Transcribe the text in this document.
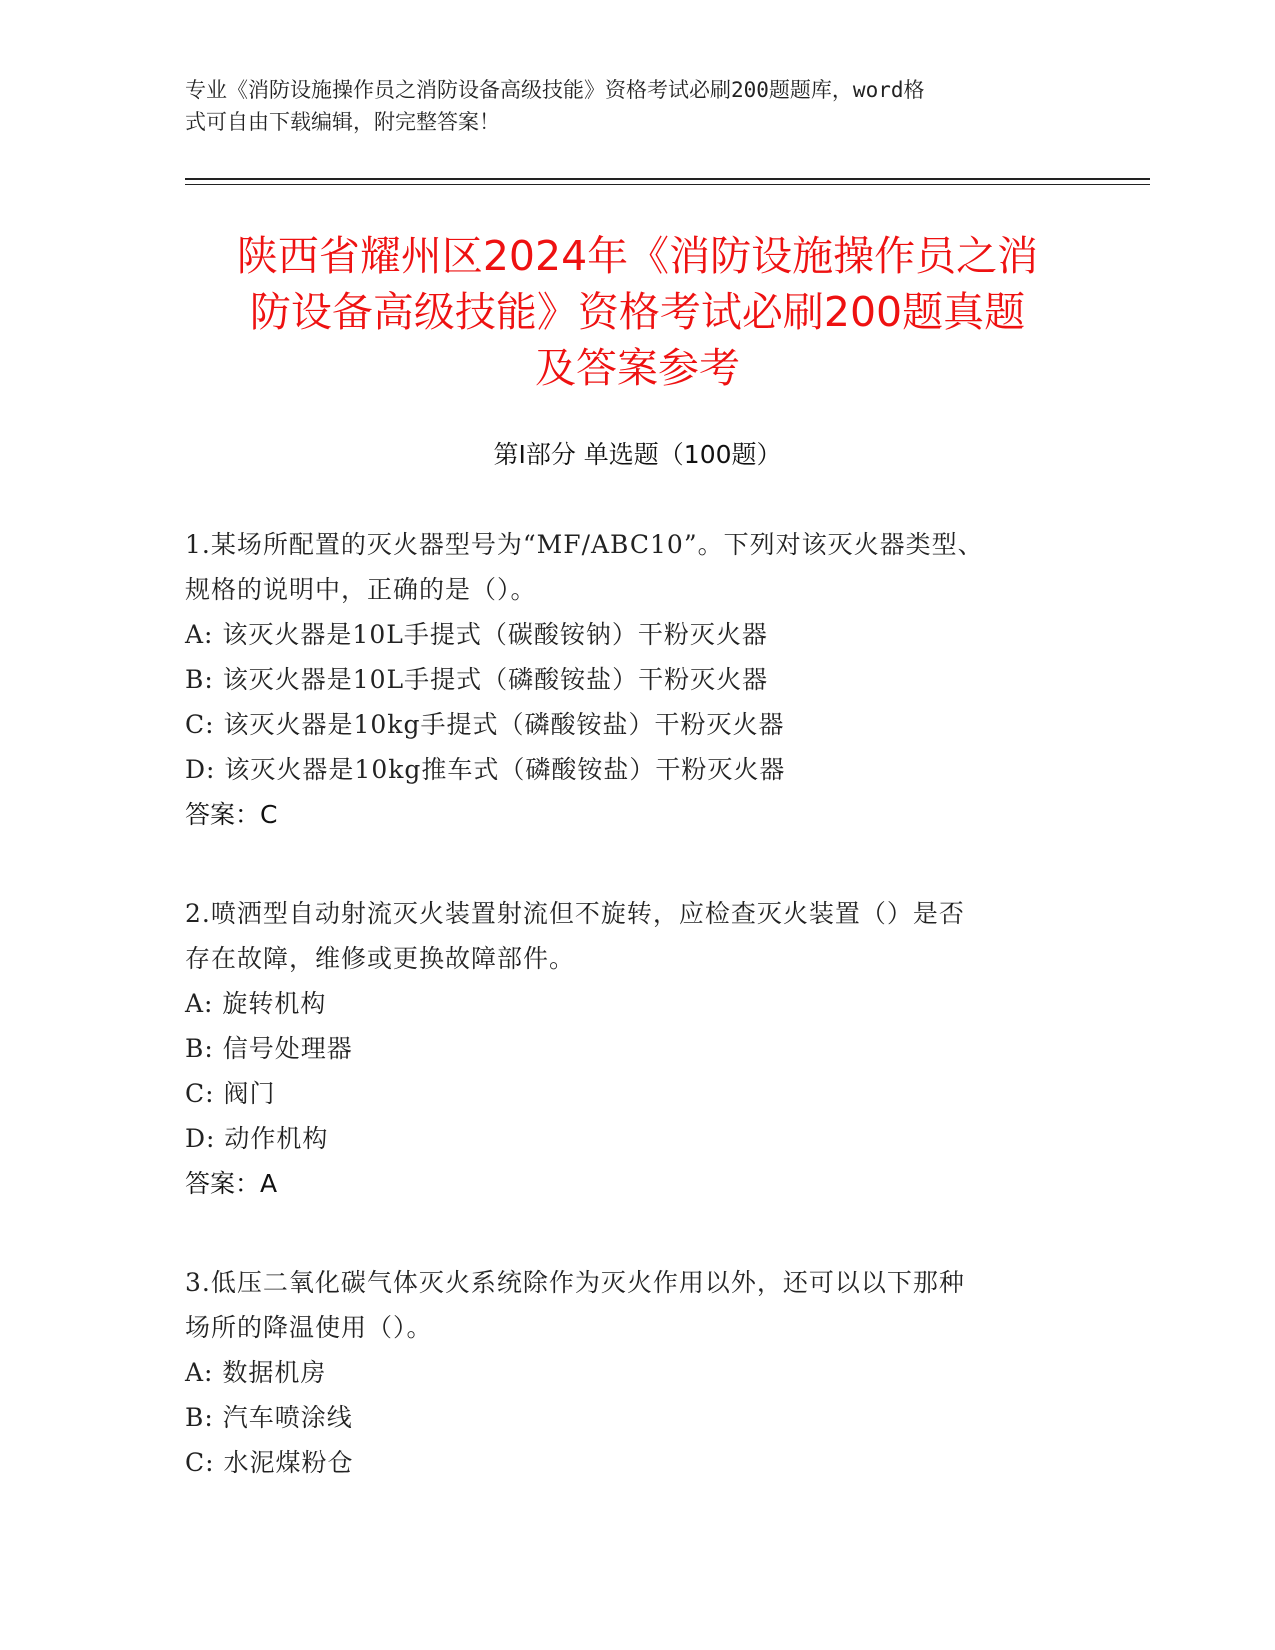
专业《消防设施操作员之消防设备高级技能》资格考试必刷200题题库，word格

式可自由下载编辑，附完整答案！

陕西省耀州区2024年《消防设施操作员之消

防设备高级技能》资格考试必刷200题真题

及答案参考

第Ⅰ部分 单选题（100题）

1.某场所配置的灭火器型号为“MF/ABC10”。下列对该灭火器类型、

规格的说明中，正确的是（）。

A: 该灭火器是10L手提式（碳酸铵钠）干粉灭火器

B: 该灭火器是10L手提式（磷酸铵盐）干粉灭火器

C: 该灭火器是10kg手提式（磷酸铵盐）干粉灭火器

D: 该灭火器是10kg推车式（磷酸铵盐）干粉灭火器

答案：C

2.喷洒型自动射流灭火装置射流但不旋转，应检查灭火装置（）是否

存在故障，维修或更换故障部件。

A: 旋转机构

B: 信号处理器

C: 阀门

D: 动作机构

答案：A

3.低压二氧化碳气体灭火系统除作为灭火作用以外，还可以以下那种

场所的降温使用（）。

A: 数据机房

B: 汽车喷涂线

C: 水泥煤粉仓
